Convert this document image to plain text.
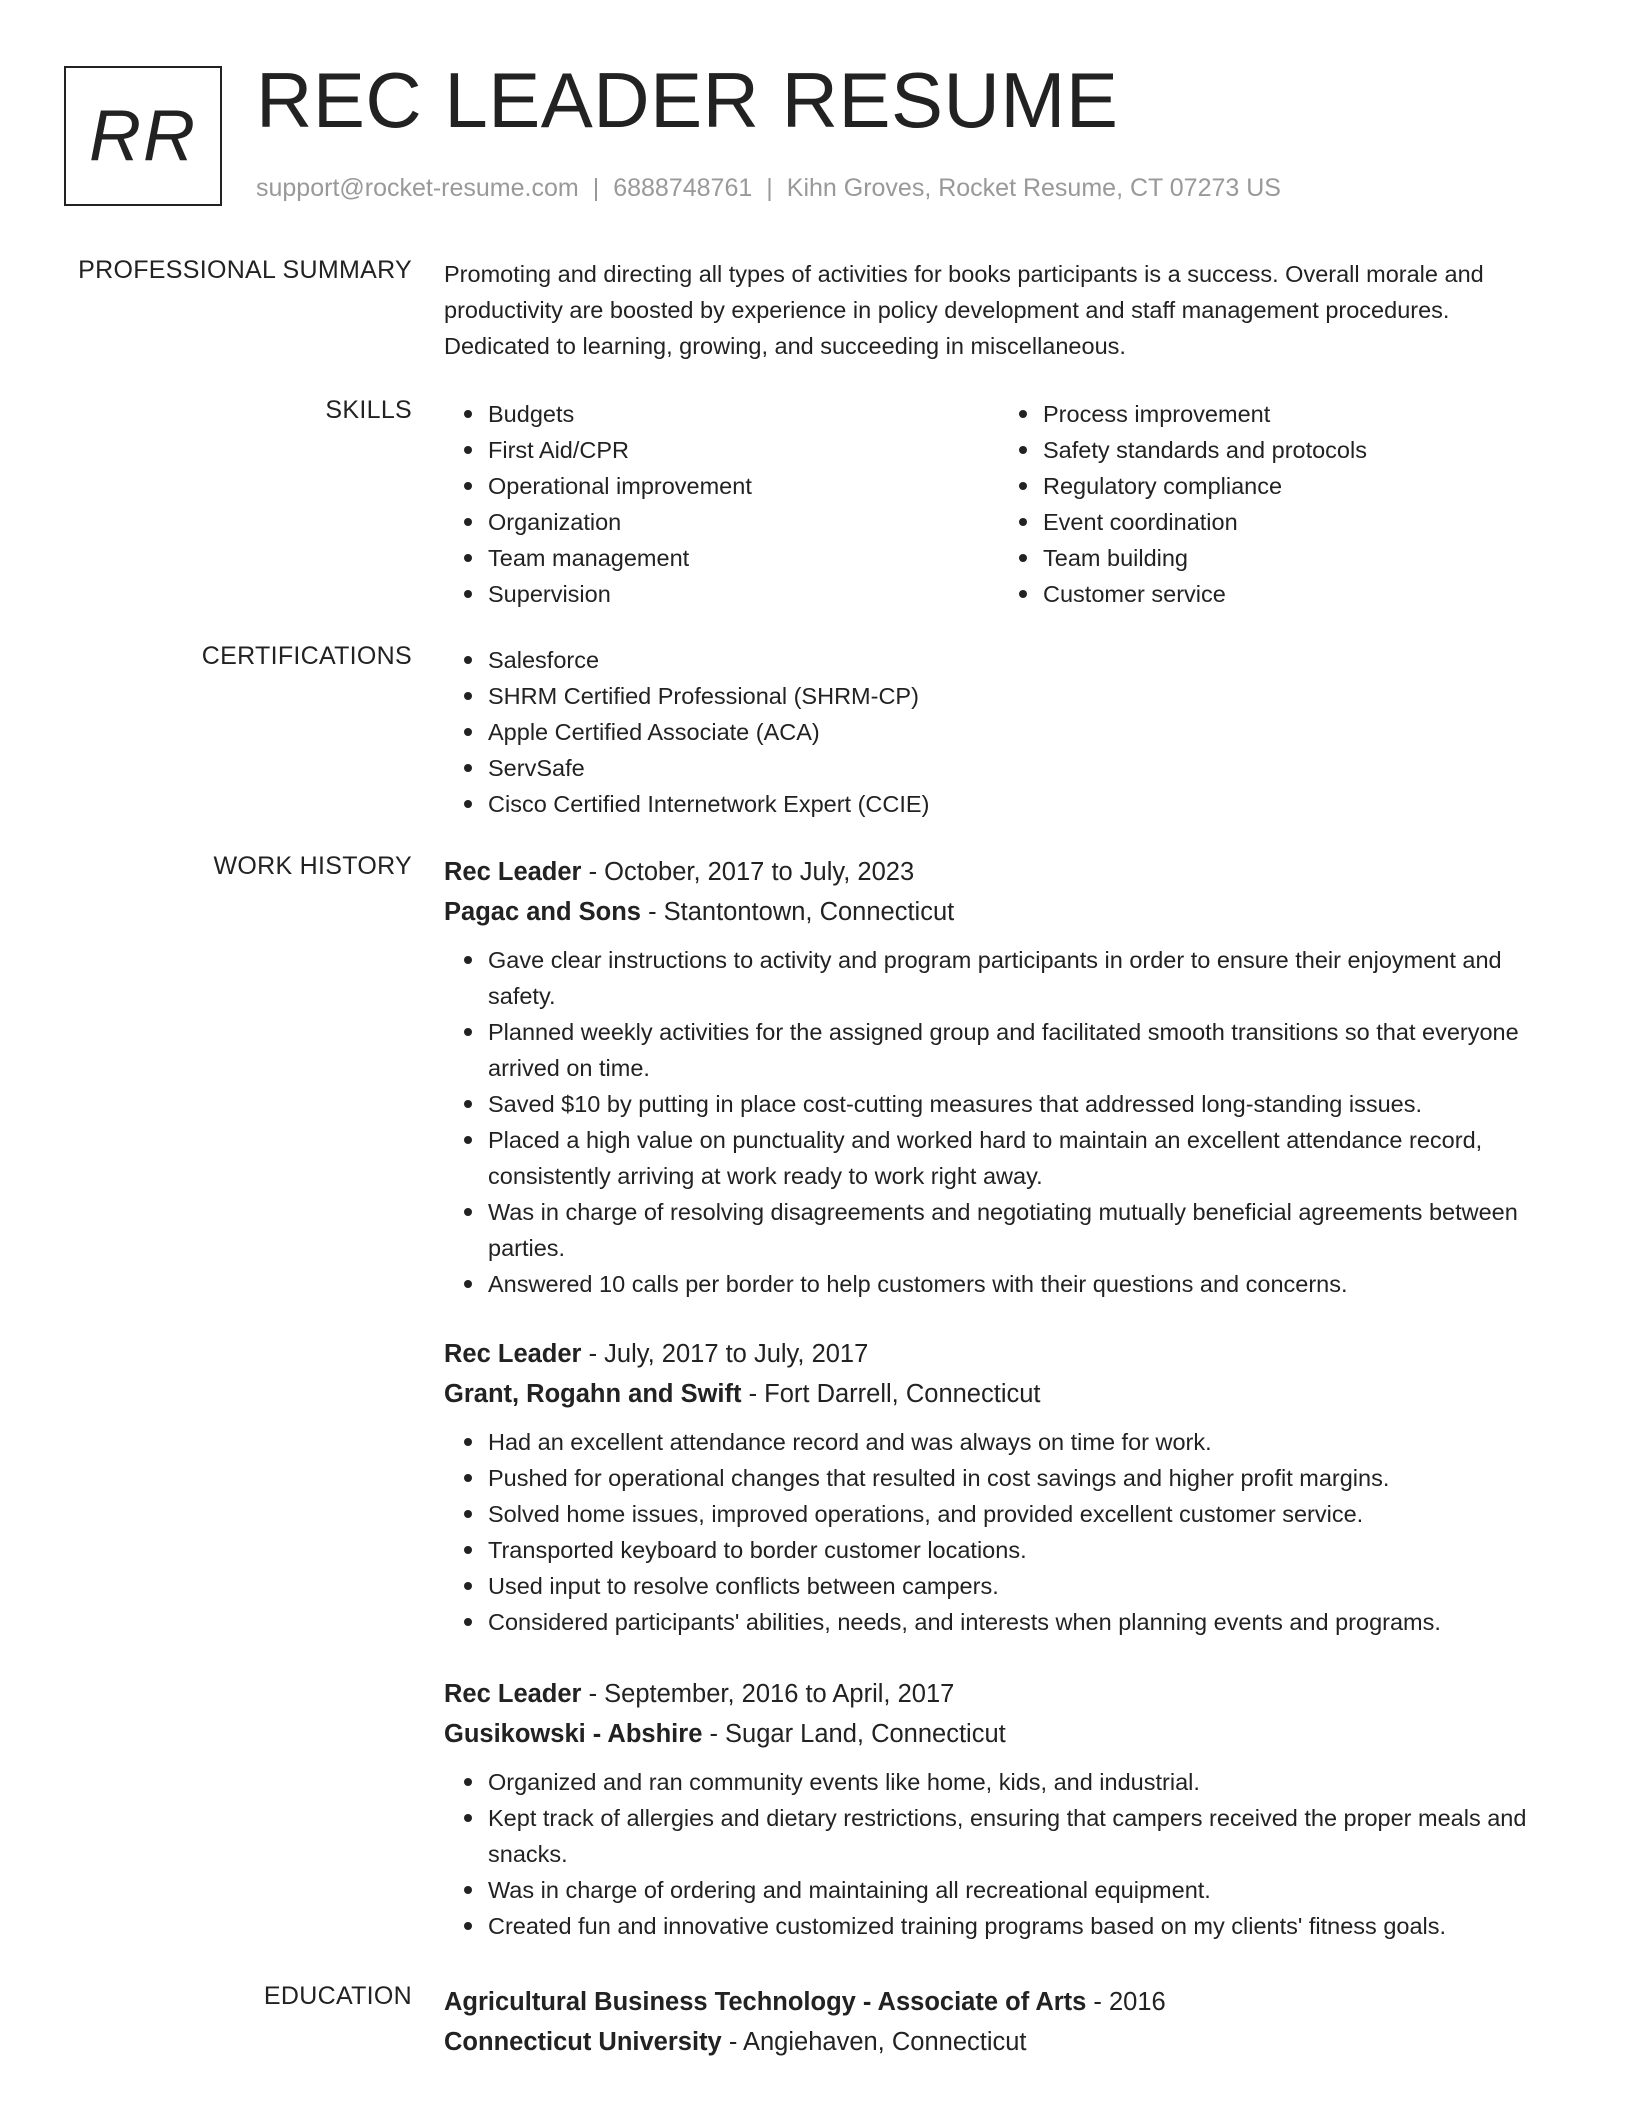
RR REC LEADER RESUME
support@rocket-resume.com | 6888748761 | Kihn Groves, Rocket Resume, CT 07273 US
PROFESSIONAL SUMMARY Promoting and directing all types of activities for books participants is a success. Overall morale and productivity are boosted by experience in policy development and staff management procedures. Dedicated to learning, growing, and succeeding in miscellaneous.

SKILLS	Budgets
First Aid/CPR
Operational improvement
Organization
Team management
Supervision
Process improvement
Safety standards and protocols
Regulatory compliance
Event coordination
Team building
Customer service
CERTIFICATIONS	Salesforce
SHRM Certified Professional (SHRM-CP)
Apple Certified Associate (ACA)
ServSafe
Cisco Certified Internetwork Expert (CCIE)
WORK HISTORY Rec Leader - October, 2017 to July, 2023
Pagac and Sons - Stantontown, Connecticut
Gave clear instructions to activity and program participants in order to ensure their enjoyment and safety.
Planned weekly activities for the assigned group and facilitated smooth transitions so that everyone arrived on time.
Saved $10 by putting in place cost-cutting measures that addressed long-standing issues.
Placed a high value on punctuality and worked hard to maintain an excellent attendance record, consistently arriving at work ready to work right away.
Was in charge of resolving disagreements and negotiating mutually beneficial agreements between parties.
Answered 10 calls per border to help customers with their questions and concerns.
Rec Leader - July, 2017 to July, 2017
Grant, Rogahn and Swift - Fort Darrell, Connecticut
Had an excellent attendance record and was always on time for work.
Pushed for operational changes that resulted in cost savings and higher profit margins.
Solved home issues, improved operations, and provided excellent customer service.
Transported keyboard to border customer locations.
Used input to resolve conflicts between campers.
Considered participants' abilities, needs, and interests when planning events and programs.
Rec Leader - September, 2016 to April, 2017
Gusikowski - Abshire - Sugar Land, Connecticut
Organized and ran community events like home, kids, and industrial.
Kept track of allergies and dietary restrictions, ensuring that campers received the proper meals and snacks.
Was in charge of ordering and maintaining all recreational equipment.
Created fun and innovative customized training programs based on my clients' fitness goals.
EDUCATION Agricultural Business Technology - Associate of Arts - 2016
Connecticut University - Angiehaven, Connecticut
